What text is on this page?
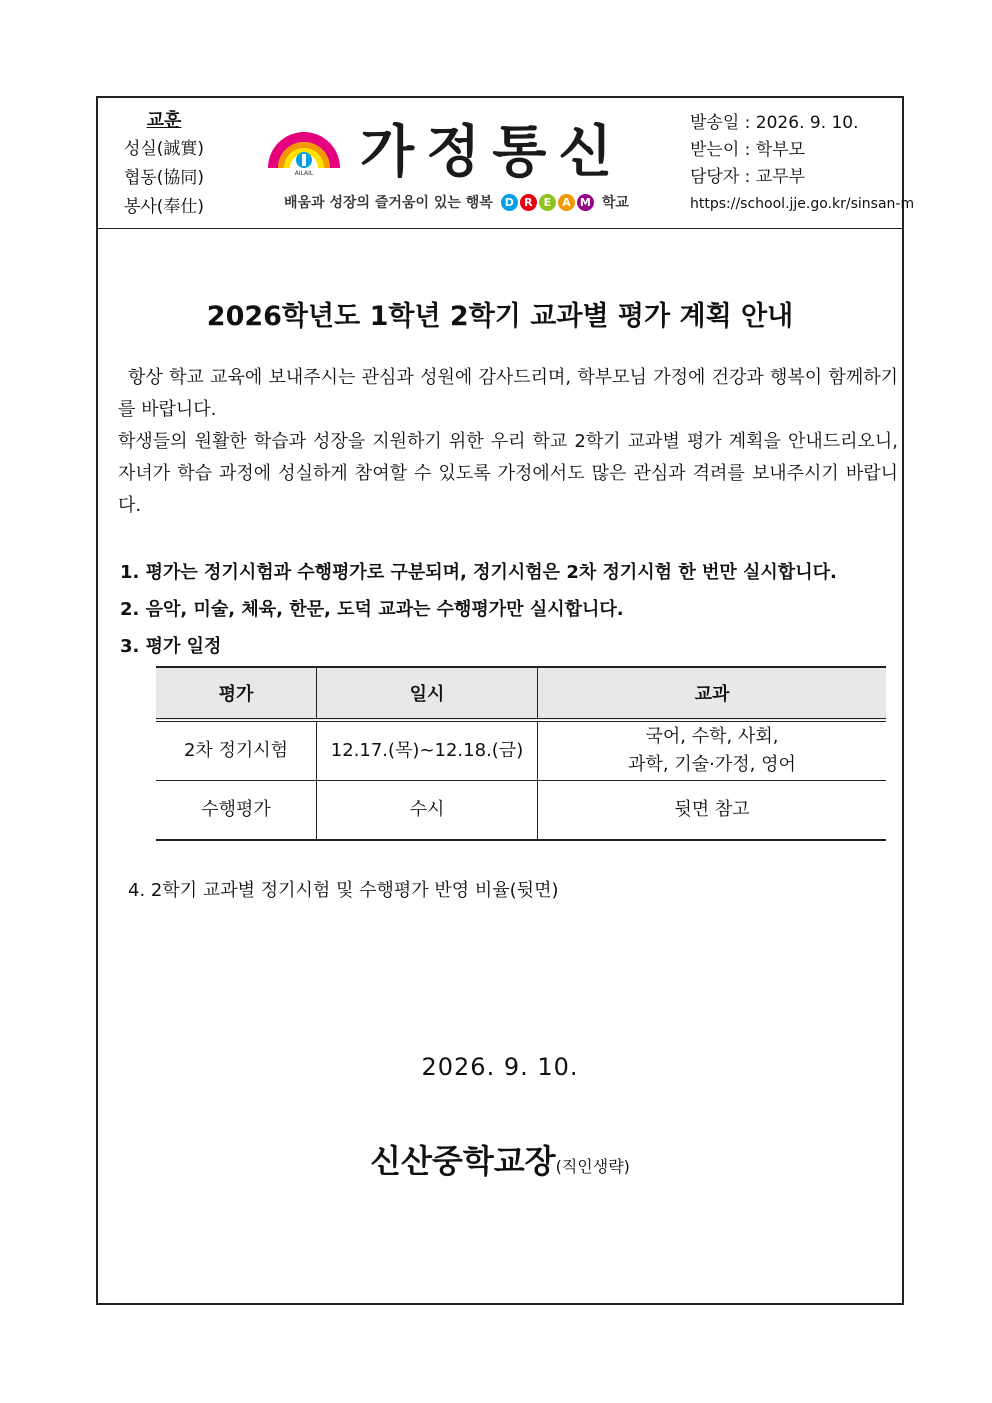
교훈
성실(誠實)
협동(協同)
봉사(奉仕)
AILAIL 가정통신
배움과 성장의 즐거움이 있는 행복	D R	E A M 학교
발송일 : 2026. 9. 10.
받는이 : 학부모
담당자 : 교무부
https://school.jje.go.kr/sinsan-m
2026학년도 1학년 2학기 교과별 평가 계획 안내
항상 학교 교육에 보내주시는 관심과 성원에 감사드리며, 학부모님 가정에 건강과 행복이 함께하기를 바랍니다.
학생들의 원활한 학습과 성장을 지원하기 위한 우리 학교 2학기 교과별 평가 계획을 안내드리오니, 자녀가 학습 과정에 성실하게 참여할 수 있도록 가정에서도 많은 관심과 격려를 보내주시기 바랍니다.
1. 평가는 정기시험과 수행평가로 구분되며, 정기시험은 2차 정기시험 한 번만 실시합니다.
2. 음악, 미술, 체육, 한문, 도덕 교과는 수행평가만 실시합니다.
3. 평가 일정
평가	일시	교과
2차 정기시험	12.17.(목)~12.18.(금)	국어, 수학, 사회,
과학, 기술·가정, 영어

수행평가	수시	뒷면 참고
4. 2학기 교과별 정기시험 및 수행평가 반영 비율(뒷면)
2026. 9. 10.
신산중학교장(직인생략)
